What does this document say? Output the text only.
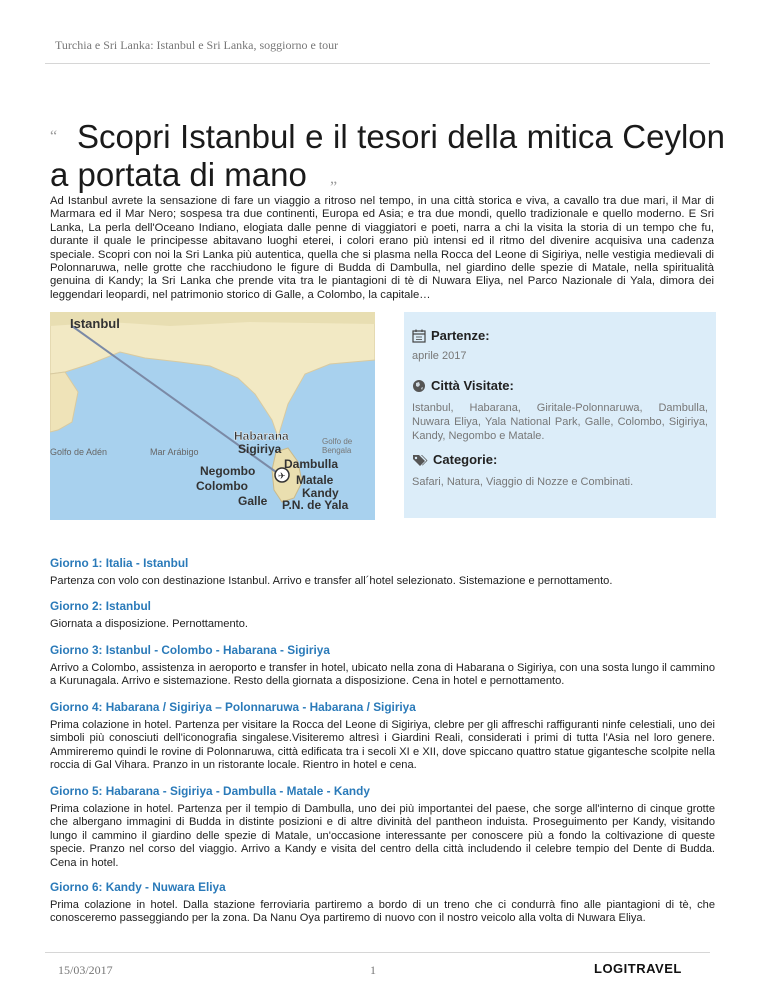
Turchia e Sri Lanka: Istanbul e Sri Lanka, soggiorno e tour
“ Scopri Istanbul e il tesori della mitica Ceylon a portata di mano ”

Ad Istanbul avrete la sensazione di fare un viaggio a ritroso nel tempo, in una città storica e viva, a cavallo tra due mari, il Mar di Marmara ed il Mar Nero; sospesa tra due continenti, Europa ed Asia; e tra due mondi, quello tradizionale e quello moderno. E Sri Lanka, La perla dell'Oceano Indiano, elogiata dalle penne di viaggiatori e poeti, narra a chi la visita la storia di un tempo che fu, durante il quale le principesse abitavano luoghi eterei, i colori erano più intensi ed il ritmo del divenire acquisiva una cadenza speciale. Scopri con noi la Sri Lanka più autentica, quella che si plasma nella Rocca del Leone di Sigiriya, nelle vestigia medievali di Polonnaruwa, nelle grotte che racchiudono le figure di Budda di Dambulla, nel giardino delle spezie di Matale, nella spiritualità genuina di Kandy; la Sri Lanka che prende vita tra le piantagioni di tè di Nuwara Eliya, nel Parco Nazionale di Yala, dimora dei leggendari leopardi, nel patrimonio storico di Galle, a Colombo, la capitale…

✈
Istanbul
Golfo de Adén	Mar Arábigo
Golfo de
Bengala
Habarana
Sigiriya
Dambulla
Negombo
Colombo	Matale
Kandy
Galle P.N. de Yala
Partenze:
aprile 2017
Città Visitate:
Istanbul, Habarana, Giritale-Polonnaruwa, Dambulla, Nuwara Eliya, Yala National Park, Galle, Colombo, Sigiriya, Kandy, Negombo e Matale.
Categorie:
Safari, Natura, Viaggio di Nozze e Combinati.
Giorno 1: Italia - Istanbul
Partenza con volo con destinazione Istanbul. Arrivo e transfer all´hotel selezionato. Sistemazione e pernottamento.
Giorno 2: Istanbul
Giornata a disposizione. Pernottamento.
Giorno 3: Istanbul - Colombo - Habarana - Sigiriya
Arrivo a Colombo, assistenza in aeroporto e transfer in hotel, ubicato nella zona di Habarana o Sigiriya, con una sosta lungo il cammino a Kurunagala. Arrivo e sistemazione. Resto della giornata a disposizione. Cena in hotel e pernottamento.
Giorno 4: Habarana / Sigiriya – Polonnaruwa - Habarana / Sigiriya
Prima colazione in hotel. Partenza per visitare la Rocca del Leone di Sigiriya, clebre per gli affreschi raffiguranti ninfe celestiali, uno dei simboli più conosciuti dell'iconografia singalese.Visiteremo altresì i Giardini Reali, considerati i primi di tutta l'Asia nel loro genere. Ammireremo quindi le rovine di Polonnaruwa, città edificata tra i secoli XI e XII, dove spiccano quattro statue gigantesche scolpite nella roccia di Gal Vihara. Pranzo in un ristorante locale. Rientro in hotel e cena.
Giorno 5: Habarana - Sigiriya - Dambulla - Matale - Kandy
Prima colazione in hotel. Partenza per il tempio di Dambulla, uno dei più importantei del paese, che sorge all'interno di cinque grotte che albergano immagini di Budda in distinte posizioni e di altre divinità del pantheon induista. Proseguimento per Kandy, visitando lungo il cammino il giardino delle spezie di Matale, un'occasione interessante per conoscere più a fondo la coltivazione di queste specie. Pranzo nel corso del viaggio. Arrivo a Kandy e visita del centro della città includendo il celebre tempio del Dente di Budda. Cena in hotel.
Giorno 6: Kandy - Nuwara Eliya
Prima colazione in hotel. Dalla stazione ferroviaria partiremo a bordo di un treno che ci condurrà fino alle piantagioni di tè, che conosceremo passeggiando per la zona. Da Nanu Oya partiremo di nuovo con il nostro veicolo alla volta di Nuwara Eliya.
15/03/2017	1	LOGITRAVEL
